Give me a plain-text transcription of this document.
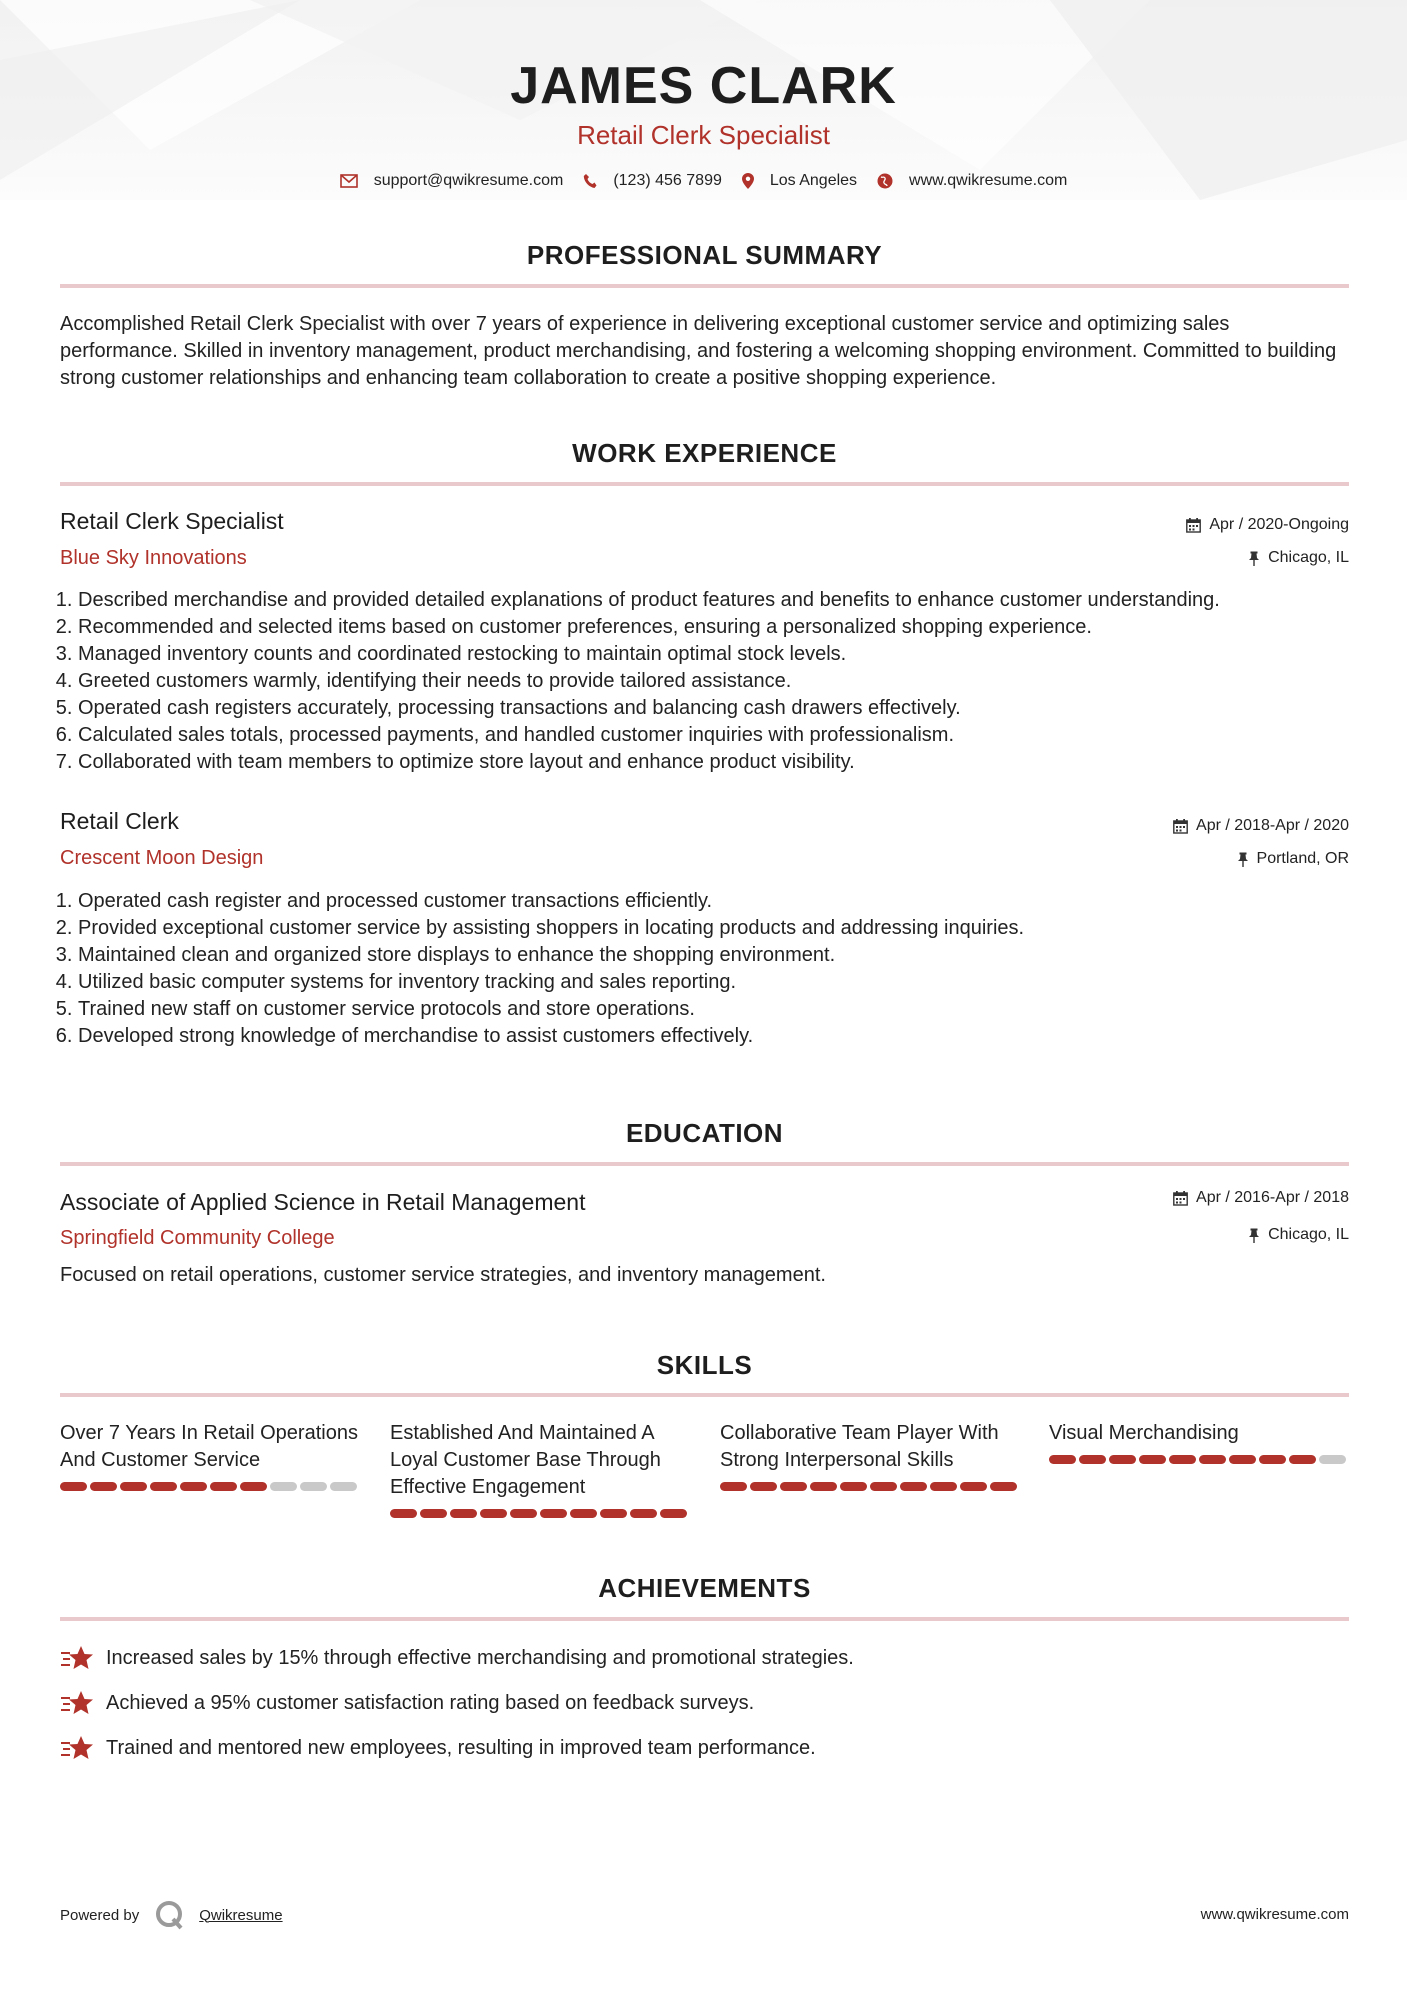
JAMES CLARK
Retail Clerk Specialist
support@qwikresume.com	(123) 456 7899	Los Angeles	www.qwikresume.com
PROFESSIONAL SUMMARY
Accomplished Retail Clerk Specialist with over 7 years of experience in delivering exceptional customer service and optimizing sales performance. Skilled in inventory management, product merchandising, and fostering a welcoming shopping environment. Committed to building strong customer relationships and enhancing team collaboration to create a positive shopping experience.
WORK EXPERIENCE
Retail Clerk Specialist	Apr / 2020-Ongoing
Blue Sky Innovations	Chicago, IL
1. Described merchandise and provided detailed explanations of product features and benefits to enhance customer understanding.
2. Recommended and selected items based on customer preferences, ensuring a personalized shopping experience.
3. Managed inventory counts and coordinated restocking to maintain optimal stock levels.
4. Greeted customers warmly, identifying their needs to provide tailored assistance.
5. Operated cash registers accurately, processing transactions and balancing cash drawers effectively.
6. Calculated sales totals, processed payments, and handled customer inquiries with professionalism.
7. Collaborated with team members to optimize store layout and enhance product visibility.
Retail Clerk	Apr / 2018-Apr / 2020
Crescent Moon Design	Portland, OR
1. Operated cash register and processed customer transactions efficiently.
2. Provided exceptional customer service by assisting shoppers in locating products and addressing inquiries.
3. Maintained clean and organized store displays to enhance the shopping environment.
4. Utilized basic computer systems for inventory tracking and sales reporting.
5. Trained new staff on customer service protocols and store operations.
6. Developed strong knowledge of merchandise to assist customers effectively.
EDUCATION
Associate of Applied Science in Retail Management	Apr / 2016-Apr / 2018
Springfield Community College	Chicago, IL
Focused on retail operations, customer service strategies, and inventory management.
SKILLS
Over 7 Years In Retail Operations And Customer Service
Established And Maintained A Loyal Customer Base Through Effective Engagement
Collaborative Team Player With Strong Interpersonal Skills
Visual Merchandising
ACHIEVEMENTS
Increased sales by 15% through effective merchandising and promotional strategies.
Achieved a 95% customer satisfaction rating based on feedback surveys.
Trained and mentored new employees, resulting in improved team performance.
Powered by	Qwikresume	www.qwikresume.com
